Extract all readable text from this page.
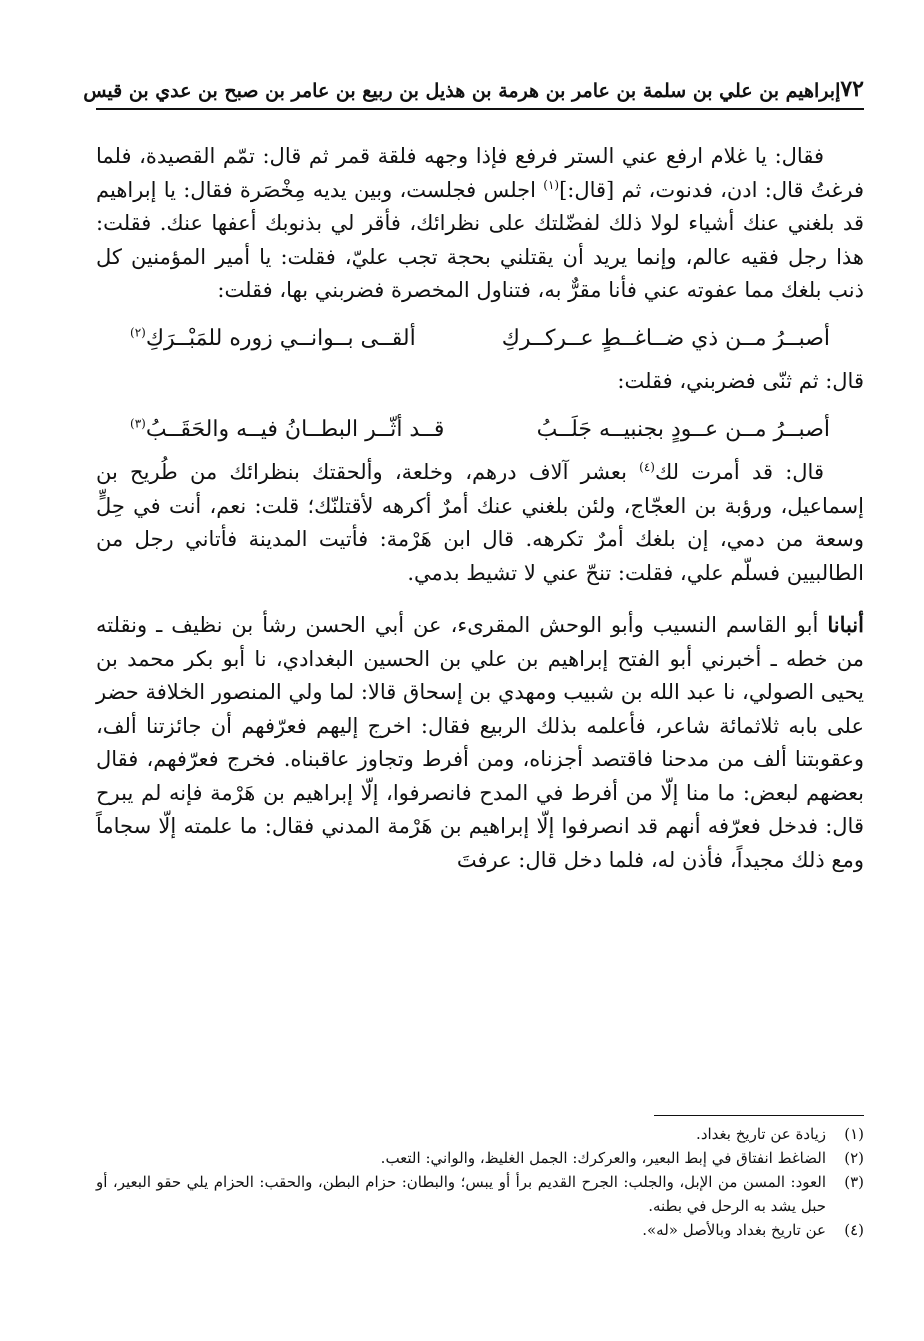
٧٢
إبراهيم بن علي بن سلمة بن عامر بن هرمة بن هذيل بن ربيع بن عامر بن صبح بن عدي بن قيس

فقال: يا غلام ارفع عني الستر فرفع فإذا وجهه فلقة قمر ثم قال: تمّم القصيدة، فلما فرغتُ قال: ادن، فدنوت، ثم [قال:]$^{(١)}$ اجلس فجلست، وبين يديه مِخْصَرة فقال: يا إبراهيم قد بلغني عنك أشياء لولا ذلك لفضّلتك على نظرائك، فأقر لي بذنوبك أعفها عنك. فقلت: هذا رجل فقيه عالم، وإنما يريد أن يقتلني بحجة تجب عليّ، فقلت: يا أمير المؤمنين كل ذنب بلغك مما عفوته عني فأنا مقرٌّ به، فتناول المخصرة فضربني بها، فقلت:

أصبــرُ مــن ذي ضــاغــطٍ عــركــركِ
ألقــى بــوانــي زوره للمَبْــرَكِ$^{(٢)}$

قال: ثم ثنّى فضربني، فقلت:

أصبــرُ مــن عــودٍ بجنبيــه جَلَــبُ
قــد أثّــر البطــانُ فيــه والحَقَــبُ$^{(٣)}$

قال: قد أمرت لك$^{(٤)}$ بعشر آلاف درهم، وخلعة، وألحقتك بنظرائك من طُريح بن إسماعيل، ورؤبة بن العجّاج، ولئن بلغني عنك أمرٌ أكرهه لأقتلنّك؛ قلت: نعم، أنت في حِلٍّ وسعة من دمي، إن بلغك أمرٌ تكرهه. قال ابن هَرْمة: فأتيت المدينة فأتاني رجل من الطالبيين فسلّم علي، فقلت: تنحّ عني لا تشيط بدمي.

أنبانا أبو القاسم النسيب وأبو الوحش المقرىء، عن أبي الحسن رشأ بن نظيف ـ ونقلته من خطه ـ أخبرني أبو الفتح إبراهيم بن علي بن الحسين البغدادي، نا أبو بكر محمد بن يحيى الصولي، نا عبد الله بن شبيب ومهدي بن إسحاق قالا: لما ولي المنصور الخلافة حضر على بابه ثلاثمائة شاعر، فأعلمه بذلك الربيع فقال: اخرج إليهم فعرّفهم أن جائزتنا ألف، وعقوبتنا ألف من مدحنا فاقتصد أجزناه، ومن أفرط وتجاوز عاقبناه. فخرج فعرّفهم، فقال بعضهم لبعض: ما منا إلّا من أفرط في المدح فانصرفوا، إلّا إبراهيم بن هَرْمة فإنه لم يبرح قال: فدخل فعرّفه أنهم قد انصرفوا إلّا إبراهيم بن هَرْمة المدني فقال: ما علمته إلّا سجاماً ومع ذلك مجيداً، فأذن له، فلما دخل قال: عرفتَ

(١)
زيادة عن تاريخ بغداد.
(٢)
الضاغط انفتاق في إبط البعير، والعركرك: الجمل الغليظ، والواني: التعب.
(٣)
العود: المسن من الإبل، والجلب: الجرح القديم برأ أو يبس؛ والبطان: حزام البطن، والحقب: الحزام يلي حقو البعير، أو حبل يشد به الرحل في بطنه.
(٤)
عن تاريخ بغداد وبالأصل «له».
